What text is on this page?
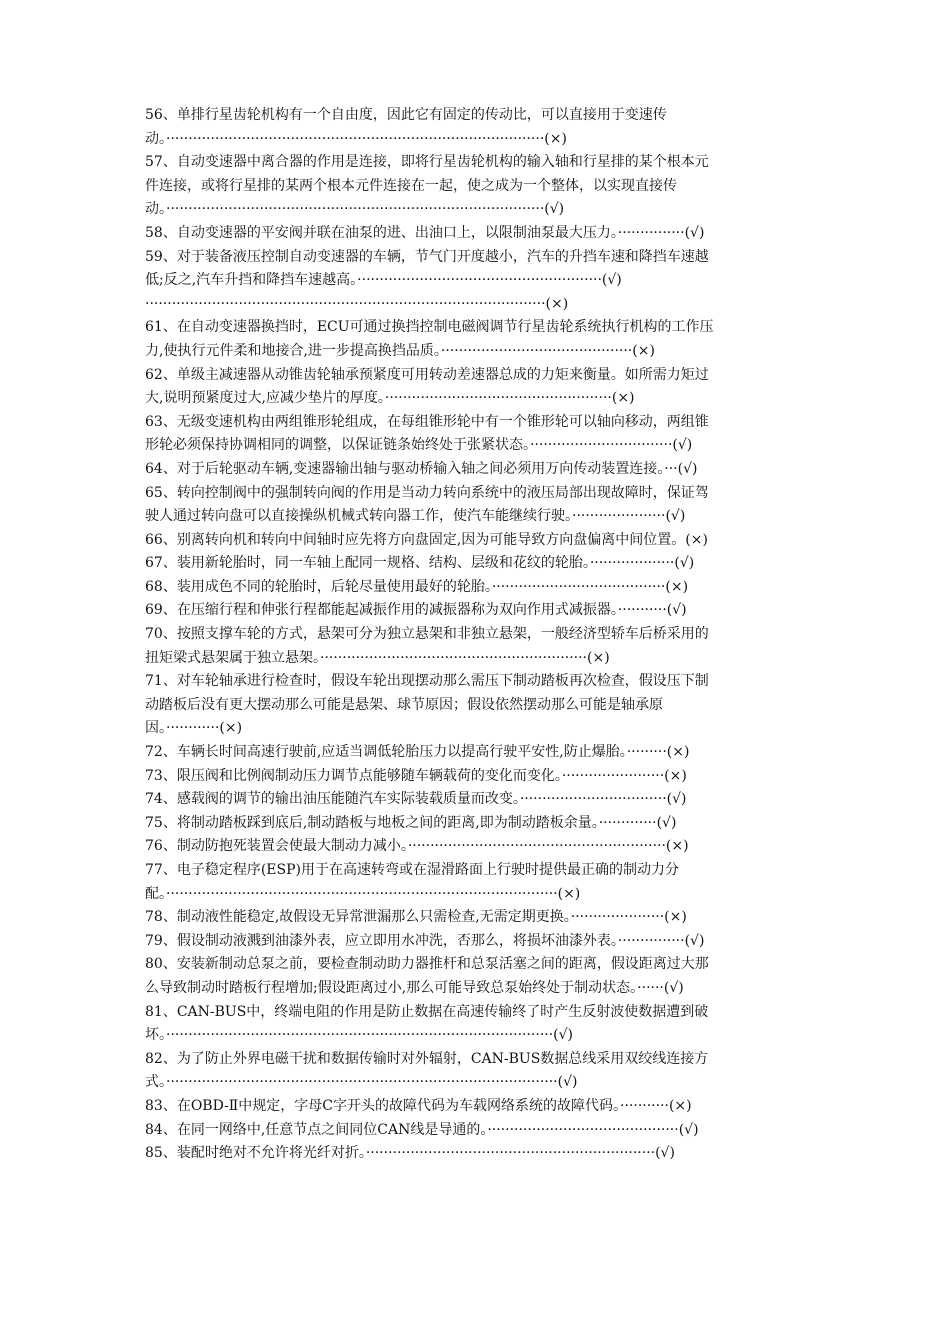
56、单排行星齿轮机构有一个自由度，因此它有固定的传动比，可以直接用于变速传
动。·····················································································(×)
57、自动变速器中离合器的作用是连接，即将行星齿轮机构的输入轴和行星排的某个根本元
件连接，或将行星排的某两个根本元件连接在一起，使之成为一个整体，以实现直接传
动。·····················································································(√)
58、自动变速器的平安阀并联在油泵的进、出油口上，以限制油泵最大压力。···············(√)
59、对于装备液压控制自动变速器的车辆，节气门开度越小，汽车的升挡车速和降挡车速越
低;反之,汽车升挡和降挡车速越高。·······················································(√)
··························································································(×)
61、在自动变速器换挡时，ECU可通过换挡控制电磁阀调节行星齿轮系统执行机构的工作压
力,使执行元件柔和地接合,进一步提高换挡品质。···········································(×)
62、单级主减速器从动锥齿轮轴承预紧度可用转动差速器总成的力矩来衡量。如所需力矩过
大,说明预紧度过大,应减少垫片的厚度。···················································(×)
63、无级变速机构由两组锥形轮组成，在每组锥形轮中有一个锥形轮可以轴向移动，两组锥
形轮必须保持协调相同的调整，以保证链条始终处于张紧状态。································(√)
64、对于后轮驱动车辆,变速器输出轴与驱动桥输入轴之间必须用万向传动装置连接。···(√)
65、转向控制阀中的强制转向阀的作用是当动力转向系统中的液压局部出现故障时，保证驾
驶人通过转向盘可以直接操纵机械式转向器工作，使汽车能继续行驶。·····················(√)
66、别离转向机和转向中间轴时应先将方向盘固定,因为可能导致方向盘偏离中间位置。(×)
67、装用新轮胎时，同一车轴上配同一规格、结构、层级和花纹的轮胎。···················(√)
68、装用成色不同的轮胎时，后轮尽量使用最好的轮胎。·······································(×)
69、在压缩行程和伸张行程都能起减振作用的减振器称为双向作用式减振器。···········(√)
70、按照支撑车轮的方式，悬架可分为独立悬架和非独立悬架，一般经济型轿车后桥采用的
扭矩梁式悬架属于独立悬架。····························································(×)
71、对车轮轴承进行检查时，假设车轮出现摆动那么需压下制动踏板再次检查，假设压下制
动踏板后没有更大摆动那么可能是悬架、球节原因；假设依然摆动那么可能是轴承原
因。············(×)
72、车辆长时间高速行驶前,应适当调低轮胎压力以提高行驶平安性,防止爆胎。·········(×)
73、限压阀和比例阀制动压力调节点能够随车辆载荷的变化而变化。·······················(×)
74、感载阀的调节的输出油压能随汽车实际装载质量而改变。·································(√)
75、将制动踏板踩到底后,制动踏板与地板之间的距离,即为制动踏板余量。·············(√)
76、制动防抱死装置会使最大制动力减小。··························································(×)
77、电子稳定程序(ESP)用于在高速转弯或在湿滑路面上行驶时提供最正确的制动力分
配。························································································(×)
78、制动液性能稳定,故假设无异常泄漏那么只需检查,无需定期更换。·····················(×)
79、假设制动液溅到油漆外表，应立即用水冲洗，否那么，将损坏油漆外表。···············(√)
80、安装新制动总泵之前，要检查制动助力器推杆和总泵活塞之间的距离，假设距离过大那
么导致制动时踏板行程增加;假设距离过小,那么可能导致总泵始终处于制动状态。······(√)
81、CAN-BUS中，终端电阻的作用是防止数据在高速传输终了时产生反射波使数据遭到破
坏。·······················································································(√)
82、为了防止外界电磁干扰和数据传输时对外辐射，CAN-BUS数据总线采用双绞线连接方
式。························································································(√)
83、在OBD-Ⅱ中规定，字母C字开头的故障代码为车载网络系统的故障代码。···········(×)
84、在同一网络中,任意节点之间同位CAN线是导通的。···········································(√)
85、装配时绝对不允许将光纤对折。·································································(√)
